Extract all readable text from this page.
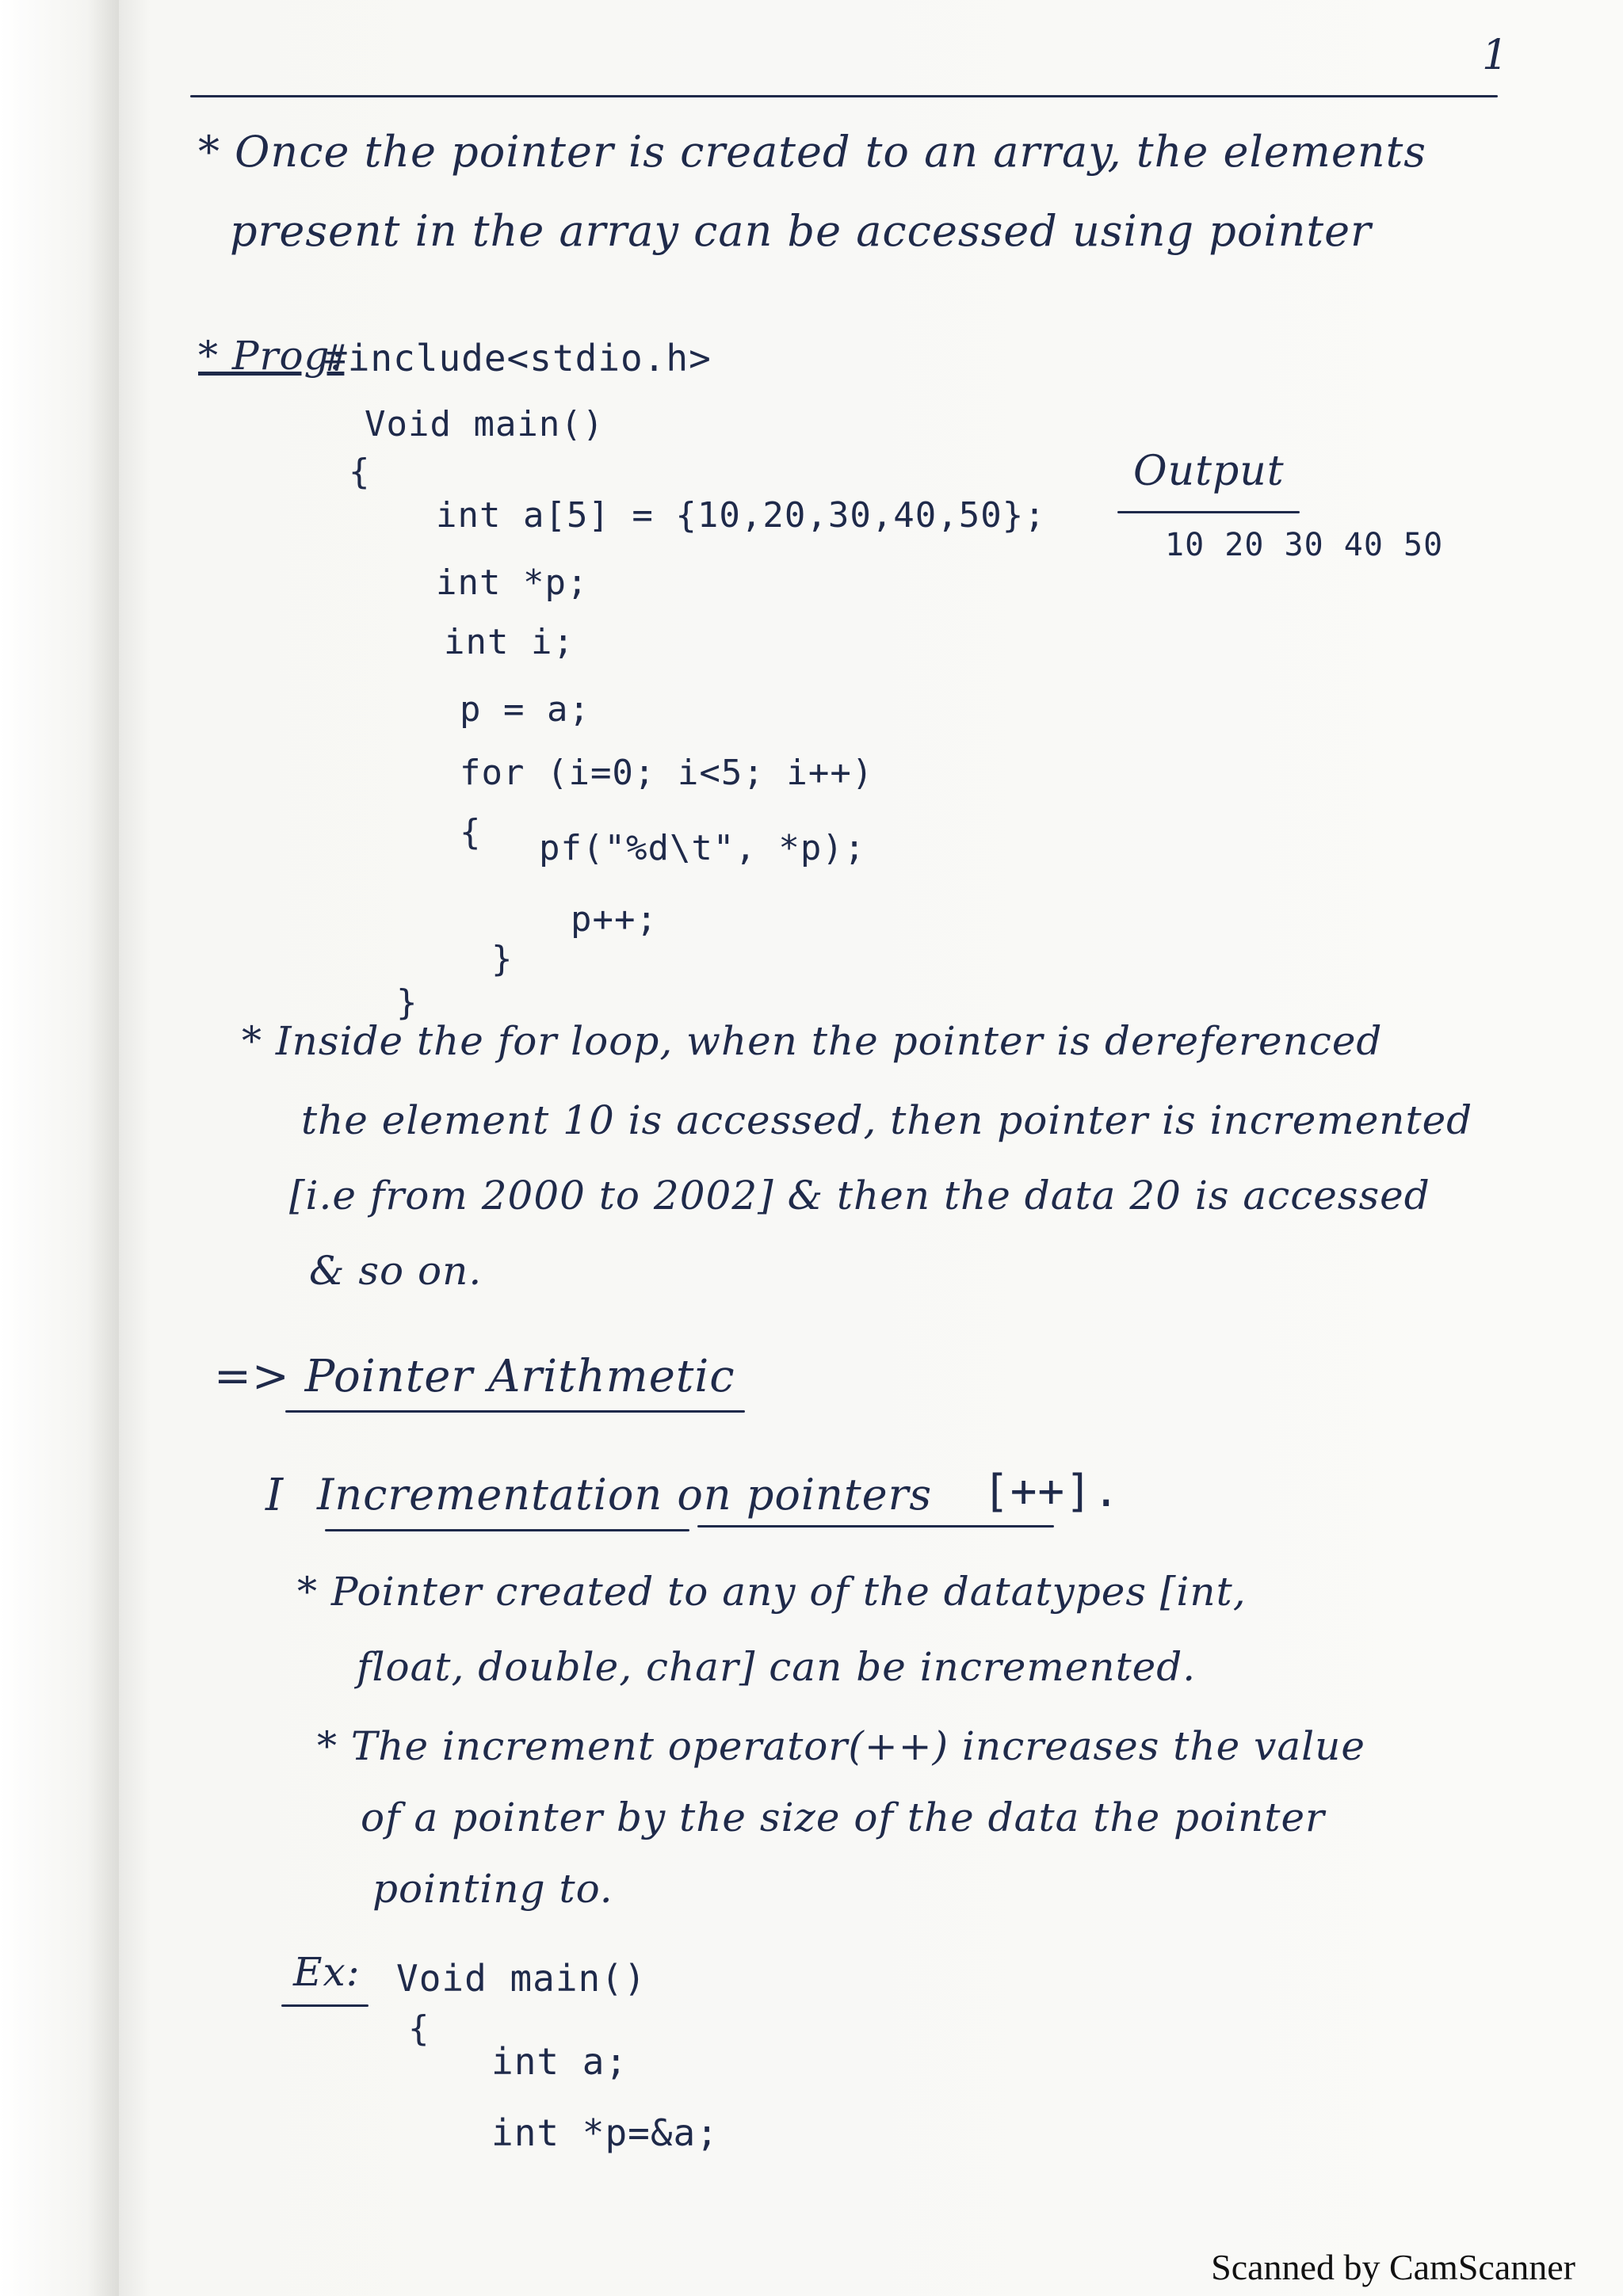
1
* Once the pointer is created to an array, the elements
present in the array can be accessed using pointer
* Prog:
#include<stdio.h>
Void main()
{
int a[5] = {10,20,30,40,50};
int *p;
int i;
p = a;
for (i=0; i<5; i++)
{ pf("%d\t", *p);
p++;
}
}
Output
10 20 30 40 50
* Inside the for loop, when the pointer is dereferenced
the element 10 is accessed, then pointer is incremented
[i.e from 2000 to 2002] & then the data 20 is accessed
& so on.
=> Pointer Arithmetic
I Incrementation on pointers [++].
* Pointer created to any of the datatypes [int,
float, double, char] can be incremented.
* The increment operator(++) increases the value
of a pointer by the size of the data the pointer
pointing to.
Ex: Void main()
{
int a;
int *p=&a;
Scanned by CamScanner
